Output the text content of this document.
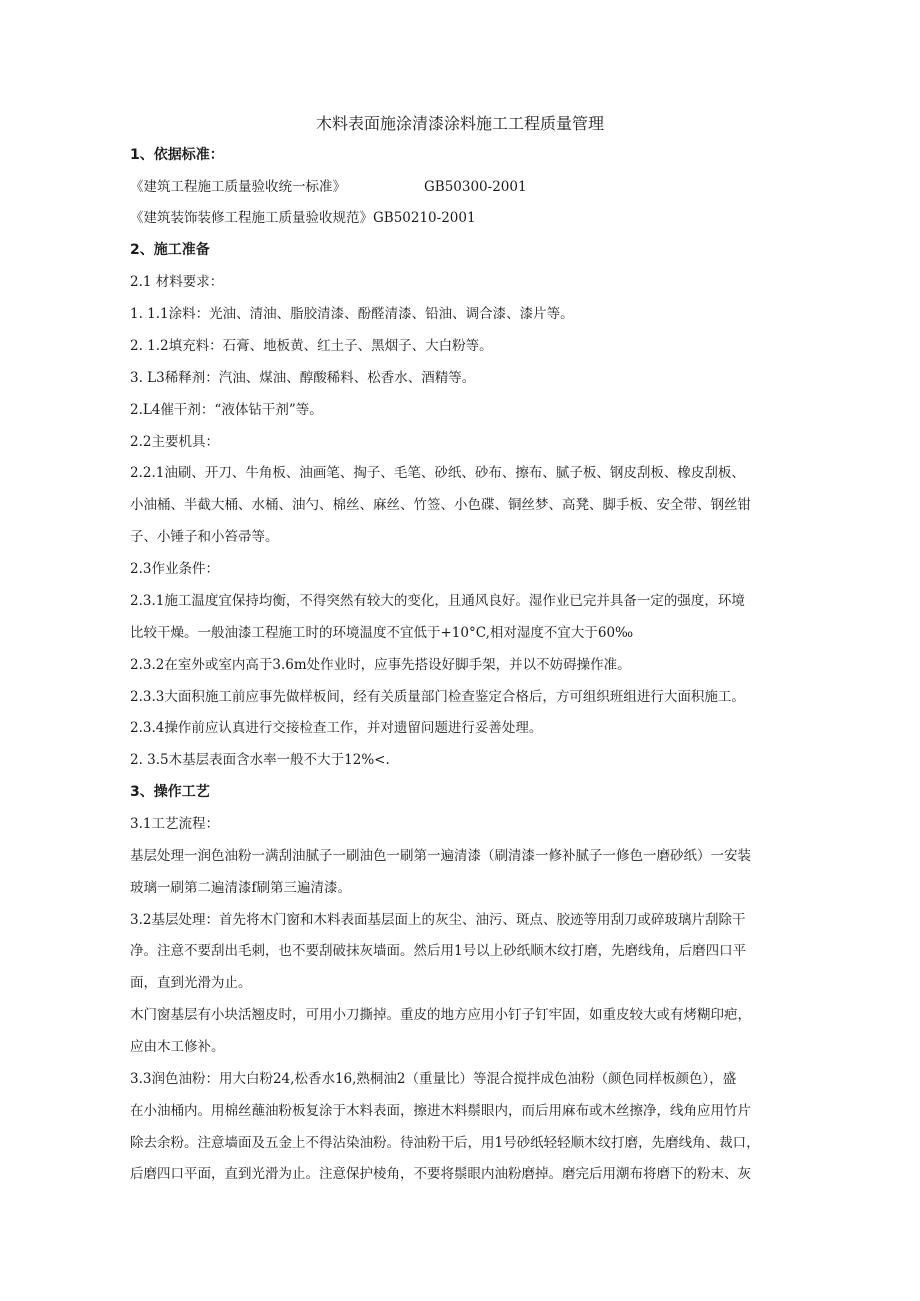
木料表面施涂清漆涂料施工工程质量管理
1、依据标准：
《建筑工程施工质量验收统一标准》	GB50300-2001
《建筑装饰装修工程施工质量验收规范》GB50210-2001
2、施工准备
2.1 材料要求：
1. 1.1涂料：光油、清油、脂胶清漆、酚醛清漆、铅油、调合漆、漆片等。
2. 1.2填充料：石膏、地板黄、红土子、黑烟子、大白粉等。
3. L3稀释剂：汽油、煤油、醇酸稀料、松香水、酒精等。
2.L4催干剂：“液体钻干剂”等。
2.2主要机具：
2.2.1油刷、开刀、牛角板、油画笔、掏子、毛笔、砂纸、砂布、擦布、腻子板、钢皮刮板、橡皮刮板、
小油桶、半截大桶、水桶、油勺、棉丝、麻丝、竹签、小色碟、铜丝梦、高凳、脚手板、安全带、钢丝钳
子、小锤子和小笞帚等。
2.3作业条件：
2.3.1施工温度宜保持均衡，不得突然有较大的变化，且通风良好。湿作业已完并具备一定的强度，环境
比较干燥。一般油漆工程施工时的环境温度不宜低于+10°C,相对湿度不宜大于60‰
2.3.2在室外或室内高于3.6m处作业时，应事先搭设好脚手架，并以不妨碍操作准。
2.3.3大面积施工前应事先做样板间，经有关质量部门检查鉴定合格后，方可组织班组进行大面积施工。
2.3.4操作前应认真进行交接检查工作，并对遗留问题进行妥善处理。
2. 3.5木基层表面含水率一般不大于12%<.
3、操作工艺
3.1工艺流程：
基层处理一润色油粉一满刮油腻子一刷油色一刷第一遍清漆（刷清漆一修补腻子一修色一磨砂纸）一安装
玻璃一刷第二遍清漆f刷第三遍清漆。
3.2基层处理：首先将木门窗和木料表面基层面上的灰尘、油污、斑点、胶迹等用刮刀或碎玻璃片刮除干
净。注意不要刮出毛刺，也不要刮破抹灰墙面。然后用1号以上砂纸顺木纹打磨，先磨线角，后磨四口平
面，直到光滑为止。
木门窗基层有小块活翘皮时，可用小刀撕掉。重皮的地方应用小钉子钉牢固，如重皮较大或有烤糊印疤，
应由木工修补。
3.3润色油粉：用大白粉24,松香水16,熟桐油2（重量比）等混合搅拌成色油粉（颜色同样板颜色），盛
在小油桶内。用棉丝蘸油粉板复涂于木料表面，擦进木料鬃眼内，而后用麻布或木丝擦净，线角应用竹片
除去余粉。注意墙面及五金上不得沾染油粉。待油粉干后，用1号砂纸轻轻顺木纹打磨，先磨线角、裁口，
后磨四口平面，直到光滑为止。注意保护棱角，不要将鬃眼内油粉磨掉。磨完后用潮布将磨下的粉末、灰
